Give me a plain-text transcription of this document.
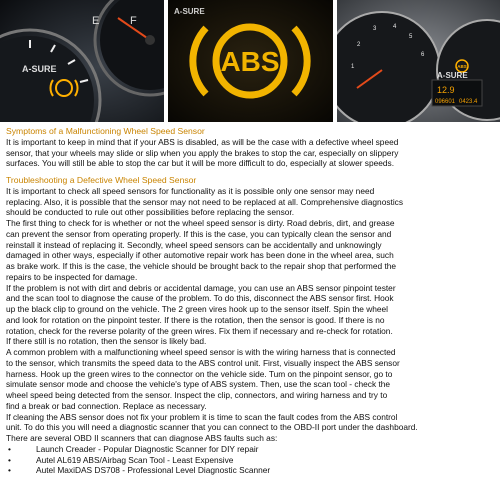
E	F
A-SURE	ABS
A-SURE
1
2
3	4
5
6
12.9
096601 0423.4
ABS
A-SURE
Symptoms of a Malfunctioning Wheel Speed Sensor

It is important to keep in mind that if your ABS is disabled, as will be the case with a defective wheel speed
sensor, that your wheels may slide or slip when you apply the brakes to stop the car, especially on slippery
surfaces. You will still be able to stop the car but it will be more difficult to do, especially at slower speeds.

Troubleshooting a Defective Wheel Speed Sensor

It is important to check all speed sensors for functionality as it is possible only one sensor may need
replacing. Also, it is possible that the sensor may not need to be replaced at all. Comprehensive diagnostics
should be conducted to rule out other possibilities before replacing the sensor.
The first thing to check for is whether or not the wheel speed sensor is dirty. Road debris, dirt, and grease
can prevent the sensor from operating properly. If this is the case, you can typically clean the sensor and
reinstall it instead of replacing it. Secondly, wheel speed sensors can be accidentally and unknowingly
damaged in other ways, especially if other automotive repair work has been done in the wheel area, such
as brake work. If this is the case, the vehicle should be brought back to the repair shop that performed the
repairs to be inspected for damage.
If the problem is not with dirt and debris or accidental damage, you can use an ABS sensor pinpoint tester
and the scan tool to diagnose the cause of the problem. To do this, disconnect the ABS sensor first. Hook
up the black clip to ground on the vehicle. The 2 green vires hook up to the sensor itself. Spin the wheel
and look for rotation on the pinpoint tester. If there is the rotation, then the sensor is good. If there is no
rotation, check for the reverse polarity of the green wires. Fix them if necessary and re-check for rotation.
If there still is no rotation, then the sensor is likely bad.
A common problem with a malfunctioning wheel speed sensor is with the wiring harness that is connected
to the sensor, which transmits the speed data to the ABS control unit. First, visually inspect the ABS sensor
harness. Hook up the green wires to the connector on the vehicle side. Tum on the pinpoint sensor, go to
simulate sensor mode and choose the vehicle's type of ABS system. Then, use the scan tool - check the
wheel speed being detected from the sensor. Inspect the clip, connectors, and wiring harness and try to
find a break or bad connection. Replace as necessary.
If cleaning the ABS sensor does not fix your problem it is time to scan the fault codes from the ABS control
unit. To do this you will need a diagnostic scanner that you can connect to the OBD-II port under the dashboard.
There are several OBD II scanners that can diagnose ABS faults such as:

• Launch Creader - Popular Diagnostic Scanner for DIY repair
• Autel AL619 ABS/Airbag Scan Tool - Least Expensive
• Autel MaxiDAS DS708 - Professional Level Diagnostic Scanner
